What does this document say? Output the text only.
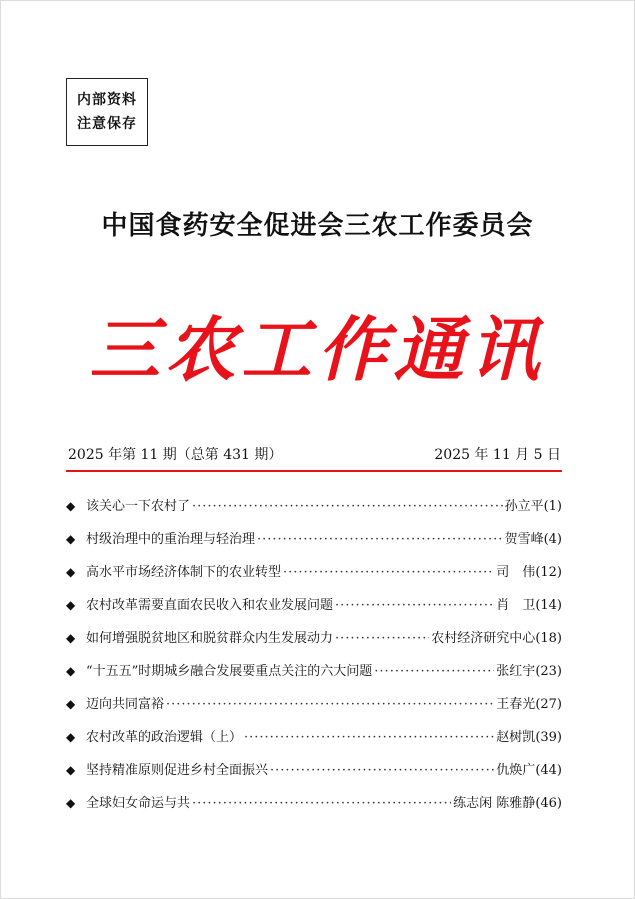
内部资料
注意保存
中国食药安全促进会三农工作委员会
三农工作通讯
2025 年第 11 期（总第 431 期）	2025 年 11 月 5 日
◆ 该关心一下农村了 ·····	孙立平 (1)
◆ 村级治理中的重治理与轻治理 ·····	贺雪峰 (4)
◆ 高水平市场经济体制下的农业转型 ·····	司　伟 (12)
◆ 农村改革需要直面农民收入和农业发展问题 ·····	肖　卫 (14)
◆ 如何增强脱贫地区和脱贫群众内生发展动力 ·····	农村经济研究中心 (18)
◆ “十五五”时期城乡融合发展要重点关注的六大问题 ·····	张红宇 (23)
◆ 迈向共同富裕 ·····	王春光 (27)
◆ 农村改革的政治逻辑（上） ·····	赵树凯 (39)
◆ 坚持精准原则促进乡村全面振兴 ·····	仇焕广 (44)
◆ 全球妇女命运与共 ·····	练志闲 陈雅静 (46)
